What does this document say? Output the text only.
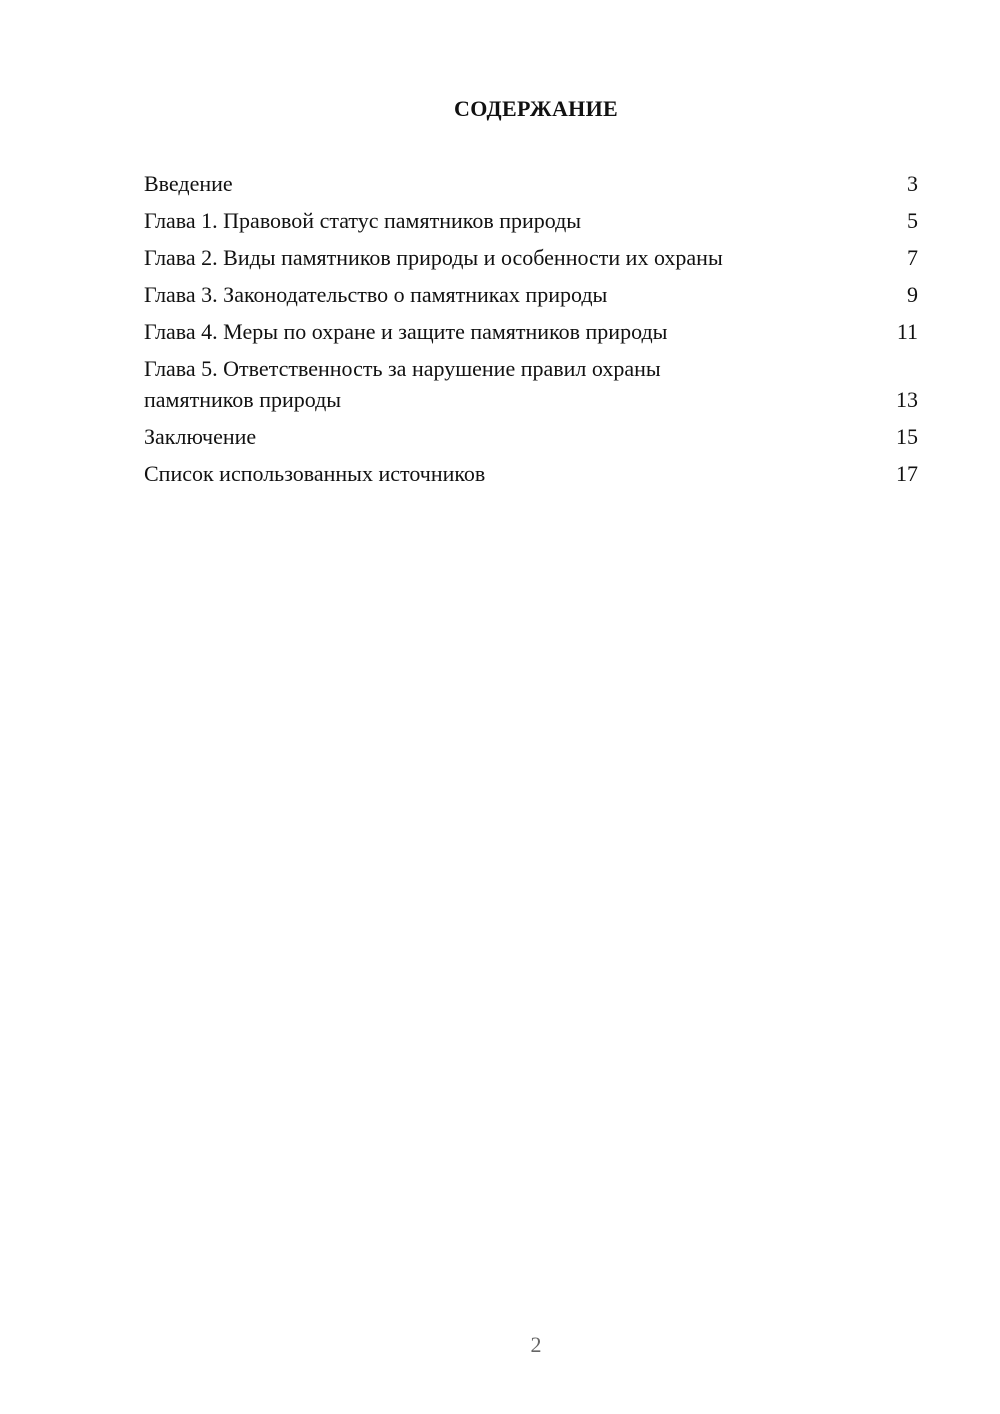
СОДЕРЖАНИЕ
Введение	3
Глава 1. Правовой статус памятников природы	5
Глава 2. Виды памятников природы и особенности их охраны	7
Глава 3. Законодательство о памятниках природы	9
Глава 4. Меры по охране и защите памятников природы	11
Глава 5. Ответственность за нарушение правил охраны
памятников природы	13
Заключение	15
Список использованных источников	17
2
